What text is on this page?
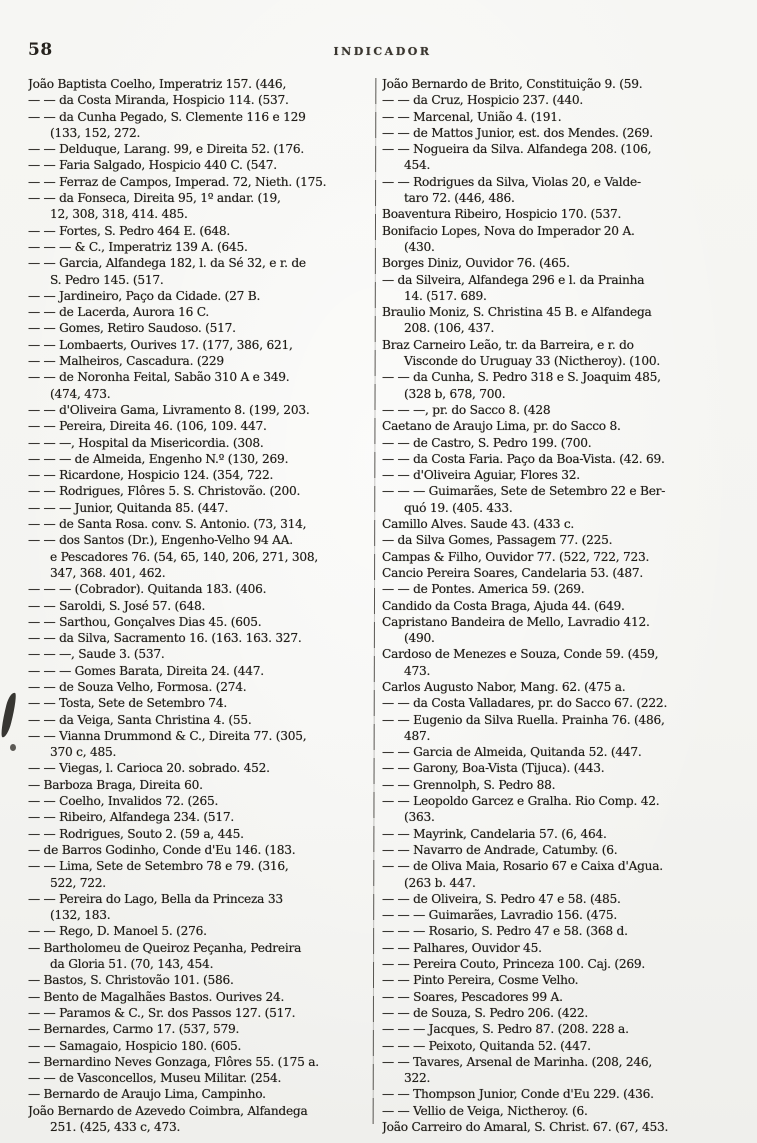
58	INDICADOR
João Baptista Coelho, Imperatriz 157. (446,
— — da Costa Miranda, Hospicio 114. (537.
— — da Cunha Pegado, S. Clemente 116 e 129
(133, 152, 272.
— — Delduque, Larang. 99, e Direita 52. (176.
— — Faria Salgado, Hospicio 440 C. (547.
— — Ferraz de Campos, Imperad. 72, Nieth. (175.
— — da Fonseca, Direita 95, 1º andar. (19,
12, 308, 318, 414. 485.
— — Fortes, S. Pedro 464 E. (648.
— — — & C., Imperatriz 139 A. (645.
— — Garcia, Alfandega 182, l. da Sé 32, e r. de
S. Pedro 145. (517.
— — Jardineiro, Paço da Cidade. (27 B.
— — de Lacerda, Aurora 16 C.
— — Gomes, Retiro Saudoso. (517.
— — Lombaerts, Ourives 17. (177, 386, 621,
— — Malheiros, Cascadura. (229
— — de Noronha Feital, Sabão 310 A e 349.
(474, 473.
— — d'Oliveira Gama, Livramento 8. (199, 203.
— — Pereira, Direita 46. (106, 109. 447.
— — —, Hospital da Misericordia. (308.
— — — de Almeida, Engenho N.º (130, 269.
— — Ricardone, Hospicio 124. (354, 722.
— — Rodrigues, Flôres 5. S. Christovão. (200.
— — — Junior, Quitanda 85. (447.
— — de Santa Rosa. conv. S. Antonio. (73, 314,
— — dos Santos (Dr.), Engenho-Velho 94 AA.
e Pescadores 76. (54, 65, 140, 206, 271, 308,
347, 368. 401, 462.
— — — (Cobrador). Quitanda 183. (406.
— — Saroldi, S. José 57. (648.
— — Sarthou, Gonçalves Dias 45. (605.
— — da Silva, Sacramento 16. (163. 163. 327.
— — —, Saude 3. (537.
— — — Gomes Barata, Direita 24. (447.
— — de Souza Velho, Formosa. (274.
— — Tosta, Sete de Setembro 74.
— — da Veiga, Santa Christina 4. (55.
— — Vianna Drummond & C., Direita 77. (305,
370 c, 485.
— — Viegas, l. Carioca 20. sobrado. 452.
— Barboza Braga, Direita 60.
— — Coelho, Invalidos 72. (265.
— — Ribeiro, Alfandega 234. (517.
— — Rodrigues, Souto 2. (59 a, 445.
— de Barros Godinho, Conde d'Eu 146. (183.
— — Lima, Sete de Setembro 78 e 79. (316,
522, 722.
— — Pereira do Lago, Bella da Princeza 33
(132, 183.
— — Rego, D. Manoel 5. (276.
— Bartholomeu de Queiroz Peçanha, Pedreira
da Gloria 51. (70, 143, 454.
— Bastos, S. Christovão 101. (586.
— Bento de Magalhães Bastos. Ourives 24.
— — Paramos & C., Sr. dos Passos 127. (517.
— Bernardes, Carmo 17. (537, 579.
— — Samagaio, Hospicio 180. (605.
— Bernardino Neves Gonzaga, Flôres 55. (175 a.
— — de Vasconcellos, Museu Militar. (254.
— Bernardo de Araujo Lima, Campinho.
João Bernardo de Azevedo Coimbra, Alfandega
251. (425, 433 c, 473.
João Bernardo de Brito, Constituição 9. (59.
— — da Cruz, Hospicio 237. (440.
— — Marcenal, União 4. (191.
— — de Mattos Junior, est. dos Mendes. (269.
— — Nogueira da Silva. Alfandega 208. (106,
454.
— — Rodrigues da Silva, Violas 20, e Valde-
taro 72. (446, 486.
Boaventura Ribeiro, Hospicio 170. (537.
Bonifacio Lopes, Nova do Imperador 20 A.
(430.
Borges Diniz, Ouvidor 76. (465.
— da Silveira, Alfandega 296 e l. da Prainha
14. (517. 689.
Braulio Moniz, S. Christina 45 B. e Alfandega
208. (106, 437.
Braz Carneiro Leão, tr. da Barreira, e r. do
Visconde do Uruguay 33 (Nictheroy). (100.
— — da Cunha, S. Pedro 318 e S. Joaquim 485,
(328 b, 678, 700.
— — —, pr. do Sacco 8. (428
Caetano de Araujo Lima, pr. do Sacco 8.
— — de Castro, S. Pedro 199. (700.
— — da Costa Faria. Paço da Boa-Vista. (42. 69.
— — d'Oliveira Aguiar, Flores 32.
— — — Guimarães, Sete de Setembro 22 e Ber-
quó 19. (405. 433.
Camillo Alves. Saude 43. (433 c.
— da Silva Gomes, Passagem 77. (225.
Campas & Filho, Ouvidor 77. (522, 722, 723.
Cancio Pereira Soares, Candelaria 53. (487.
— — de Pontes. America 59. (269.
Candido da Costa Braga, Ajuda 44. (649.
Capristano Bandeira de Mello, Lavradio 412.
(490.
Cardoso de Menezes e Souza, Conde 59. (459,
473.
Carlos Augusto Nabor, Mang. 62. (475 a.
— — da Costa Valladares, pr. do Sacco 67. (222.
— — Eugenio da Silva Ruella. Prainha 76. (486,
487.
— — Garcia de Almeida, Quitanda 52. (447.
— — Garony, Boa-Vista (Tijuca). (443.
— — Grennolph, S. Pedro 88.
— — Leopoldo Garcez e Gralha. Rio Comp. 42.
(363.
— — Mayrink, Candelaria 57. (6, 464.
— — Navarro de Andrade, Catumby. (6.
— — de Oliva Maia, Rosario 67 e Caixa d'Agua.
(263 b. 447.
— — de Oliveira, S. Pedro 47 e 58. (485.
— — — Guimarães, Lavradio 156. (475.
— — — Rosario, S. Pedro 47 e 58. (368 d.
— — Palhares, Ouvidor 45.
— — Pereira Couto, Princeza 100. Caj. (269.
— — Pinto Pereira, Cosme Velho.
— — Soares, Pescadores 99 A.
— — de Souza, S. Pedro 206. (422.
— — — Jacques, S. Pedro 87. (208. 228 a.
— — — Peixoto, Quitanda 52. (447.
— — Tavares, Arsenal de Marinha. (208, 246,
322.
— — Thompson Junior, Conde d'Eu 229. (436.
— — Vellio de Veiga, Nictheroy. (6.
João Carreiro do Amaral, S. Christ. 67. (67, 453.
